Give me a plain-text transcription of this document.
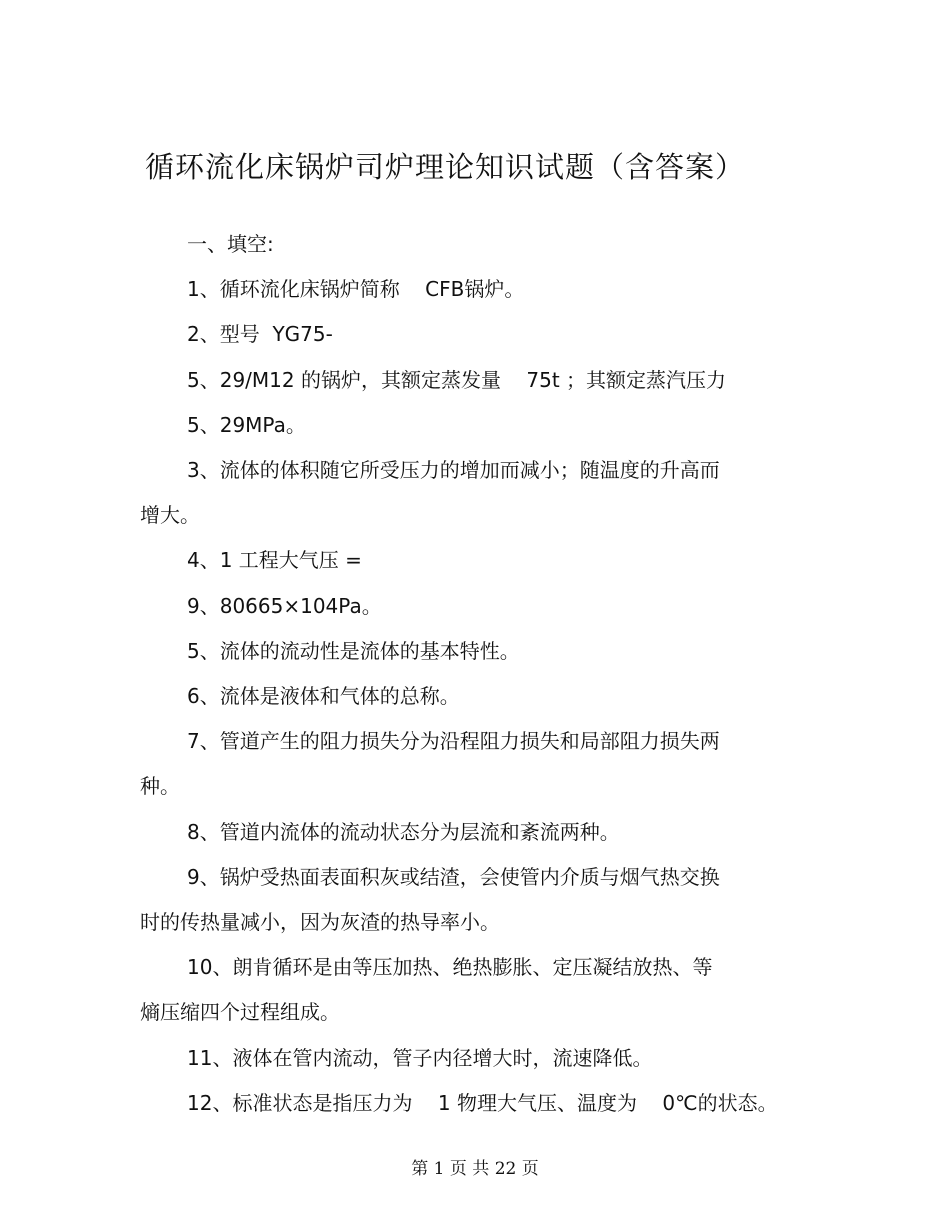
循环流化床锅炉司炉理论知识试题（含答案）

一、填空:

1、循环流化床锅炉简称    CFB锅炉。

2、型号  YG75-

5、29/M12 的锅炉，其额定蒸发量    75t ；其额定蒸汽压力

5、29MPa。

3、流体的体积随它所受压力的增加而减小；随温度的升高而

增大。

4、1 工程大气压 =

9、80665×104Pa。

5、流体的流动性是流体的基本特性。

6、流体是液体和气体的总称。

7、管道产生的阻力损失分为沿程阻力损失和局部阻力损失两

种。

8、管道内流体的流动状态分为层流和紊流两种。

9、锅炉受热面表面积灰或结渣，会使管内介质与烟气热交换

时的传热量减小，因为灰渣的热导率小。

10、朗肯循环是由等压加热、绝热膨胀、定压凝结放热、等

熵压缩四个过程组成。

11、液体在管内流动，管子内径增大时，流速降低。

12、标准状态是指压力为    1 物理大气压、温度为    0℃的状态。

第 1 页 共 22 页
